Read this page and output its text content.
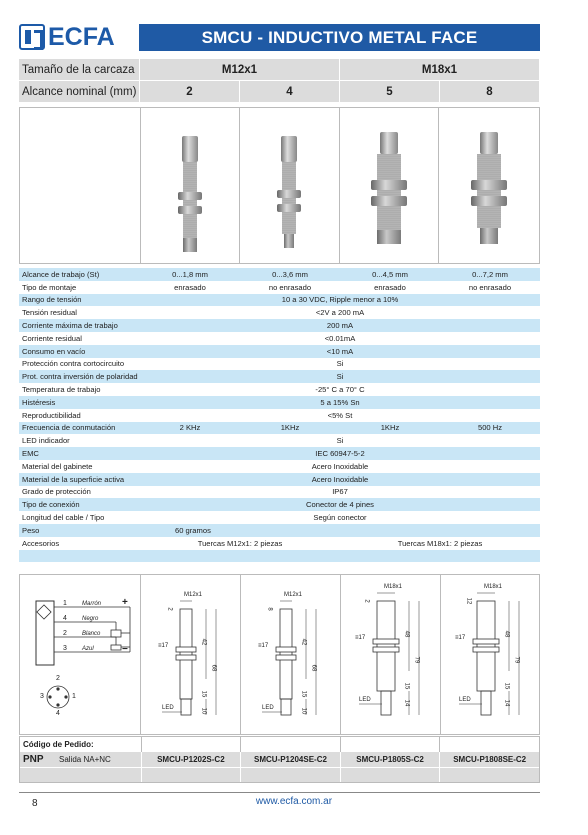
ECFA	SMCU - INDUCTIVO METAL FACE
Tamaño de la carcaza	M12x1	M18x1
Alcance nominal (mm)	2	4	5	8
Alcance de trabajo (St)	0...1,8 mm	0...3,6 mm	0...4,5 mm	0...7,2 mm
Tipo de montaje	enrasado	no enrasado	enrasado	no enrasado
Rango de tensión	10 a 30 VDC, Ripple menor a 10%
Tensión residual	<2V a 200 mA
Corriente máxima de trabajo	200 mA
Corriente residual	<0.01mA
Consumo en vacío	<10 mA
Protección contra cortocircuito	Si
Prot. contra inversión de polaridad	Si
Temperatura de trabajo	-25° C a 70° C
Histéresis	5 a 15% Sn
Reproductibilidad	<5% St
Frecuencia de conmutación	2 KHz	1KHz	1KHz	500 Hz
LED indicador	Si
EMC	IEC 60947-5-2
Material del gabinete	Acero Inoxidable
Material de la superficie activa	Acero Inoxidable
Grado de protección	IP67
Tipo de conexión	Conector de 4 pines
Longitud del cable / Tipo	Según conector
Peso	60 gramos
Accesorios	Tuercas M12x1: 2 piezas	Tuercas M18x1: 2 piezas
1	Marrón +
4	Negro
2	Blanco
3	Azul	−
2
3	1
4
M12x1
≡17
2
42
68
15
10
LED
M12x1
≡17
8
42
68
15
10
LED
M18x1
≡17
2
48
79
15
14
LED
M18x1
≡17
12
48
79
15
14
LED
Código de Pedido:
PNP	Salida NA+NC	SMCU-P1202S-C2	SMCU-P1204SE-C2	SMCU-P1805S-C2	SMCU-P1808SE-C2
8	www.ecfa.com.ar
